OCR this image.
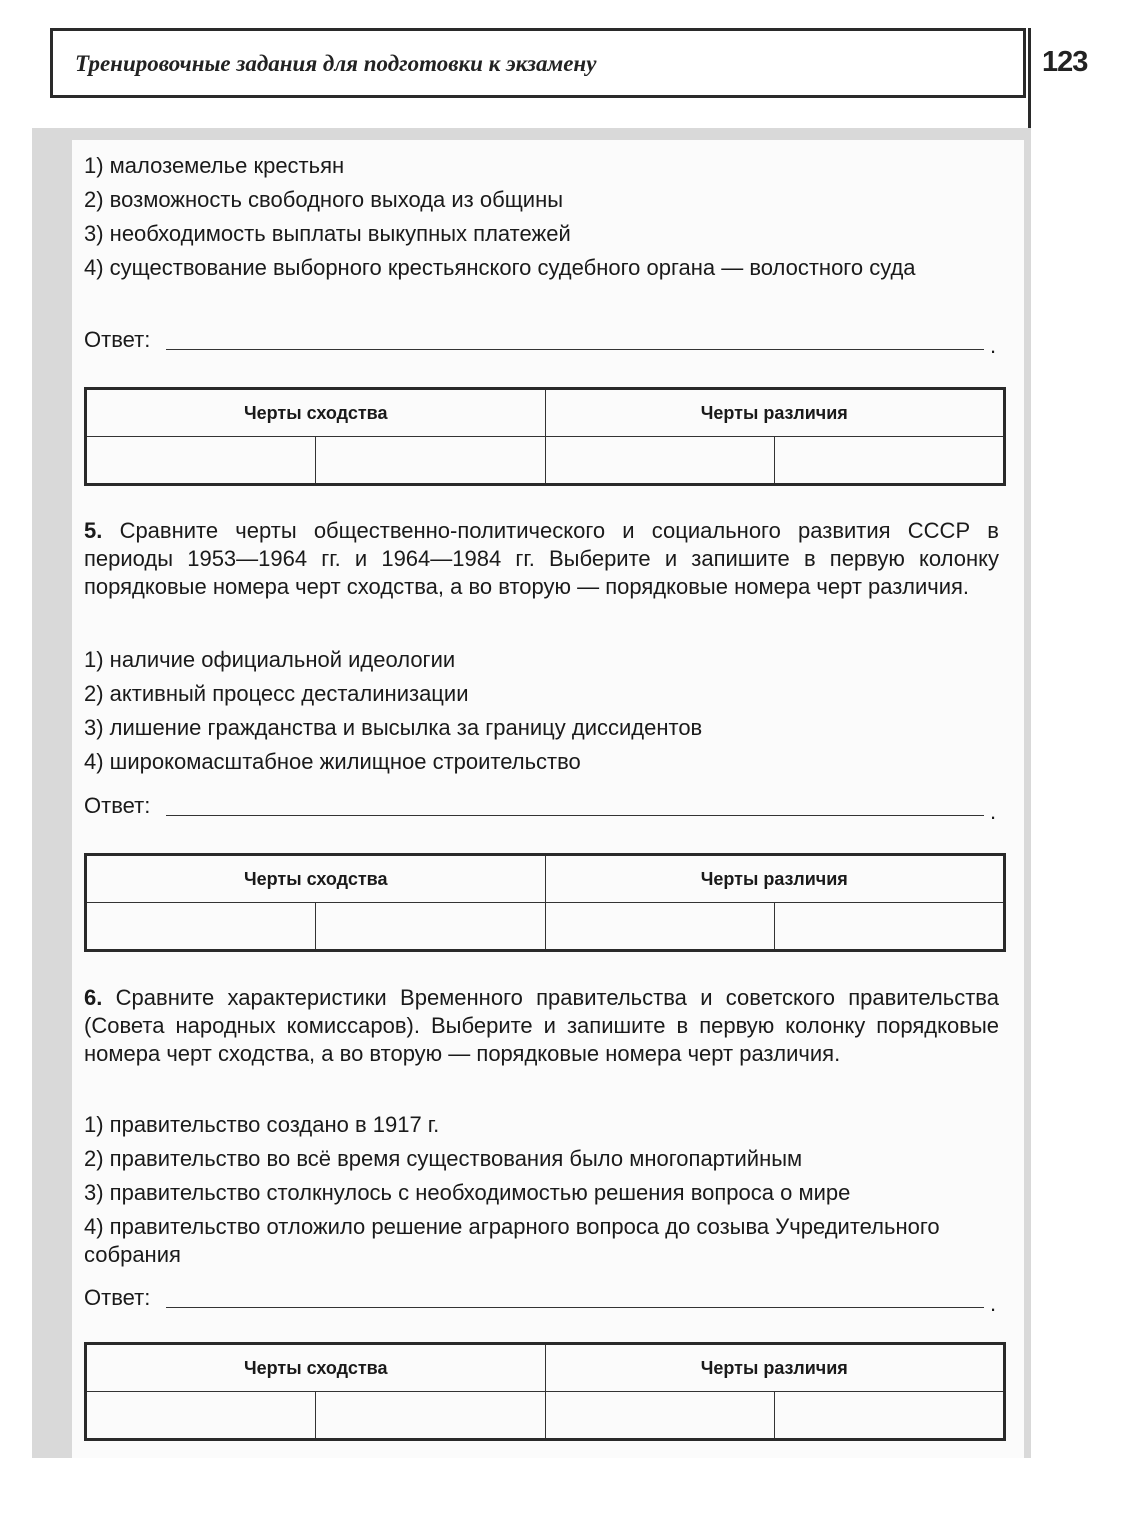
Тренировочные задания для подготовки к экзамену	123
1) малоземелье крестьян
2) возможность свободного выхода из общины
3) необходимость выплаты выкупных платежей
4) существование выборного крестьянского судебного органа — волостного суда
Ответ:	.
Черты сходства		Черты различия	

5. Сравните черты общественно-политического и социального развития СССР в периоды 1953—1964 гг. и 1964—1984 гг. Выберите и запишите в первую колонку порядковые номера черт сходства, а во вторую — порядковые номера черт различия.
1) наличие официальной идеологии
2) активный процесс десталинизации
3) лишение гражданства и высылка за границу диссидентов
4) широкомасштабное жилищное строительство
Ответ:	.
Черты сходства		Черты различия	

6. Сравните характеристики Временного правительства и советского правительства (Совета народных комиссаров). Выберите и запишите в первую колонку порядковые номера черт сходства, а во вторую — порядковые номера черт различия.
1) правительство создано в 1917 г.
2) правительство во всё время существования было многопартийным
3) правительство столкнулось с необходимостью решения вопроса о мире
4) правительство отложило решение аграрного вопроса до созыва Учредительного собрания
Ответ:	.
Черты сходства		Черты различия	
